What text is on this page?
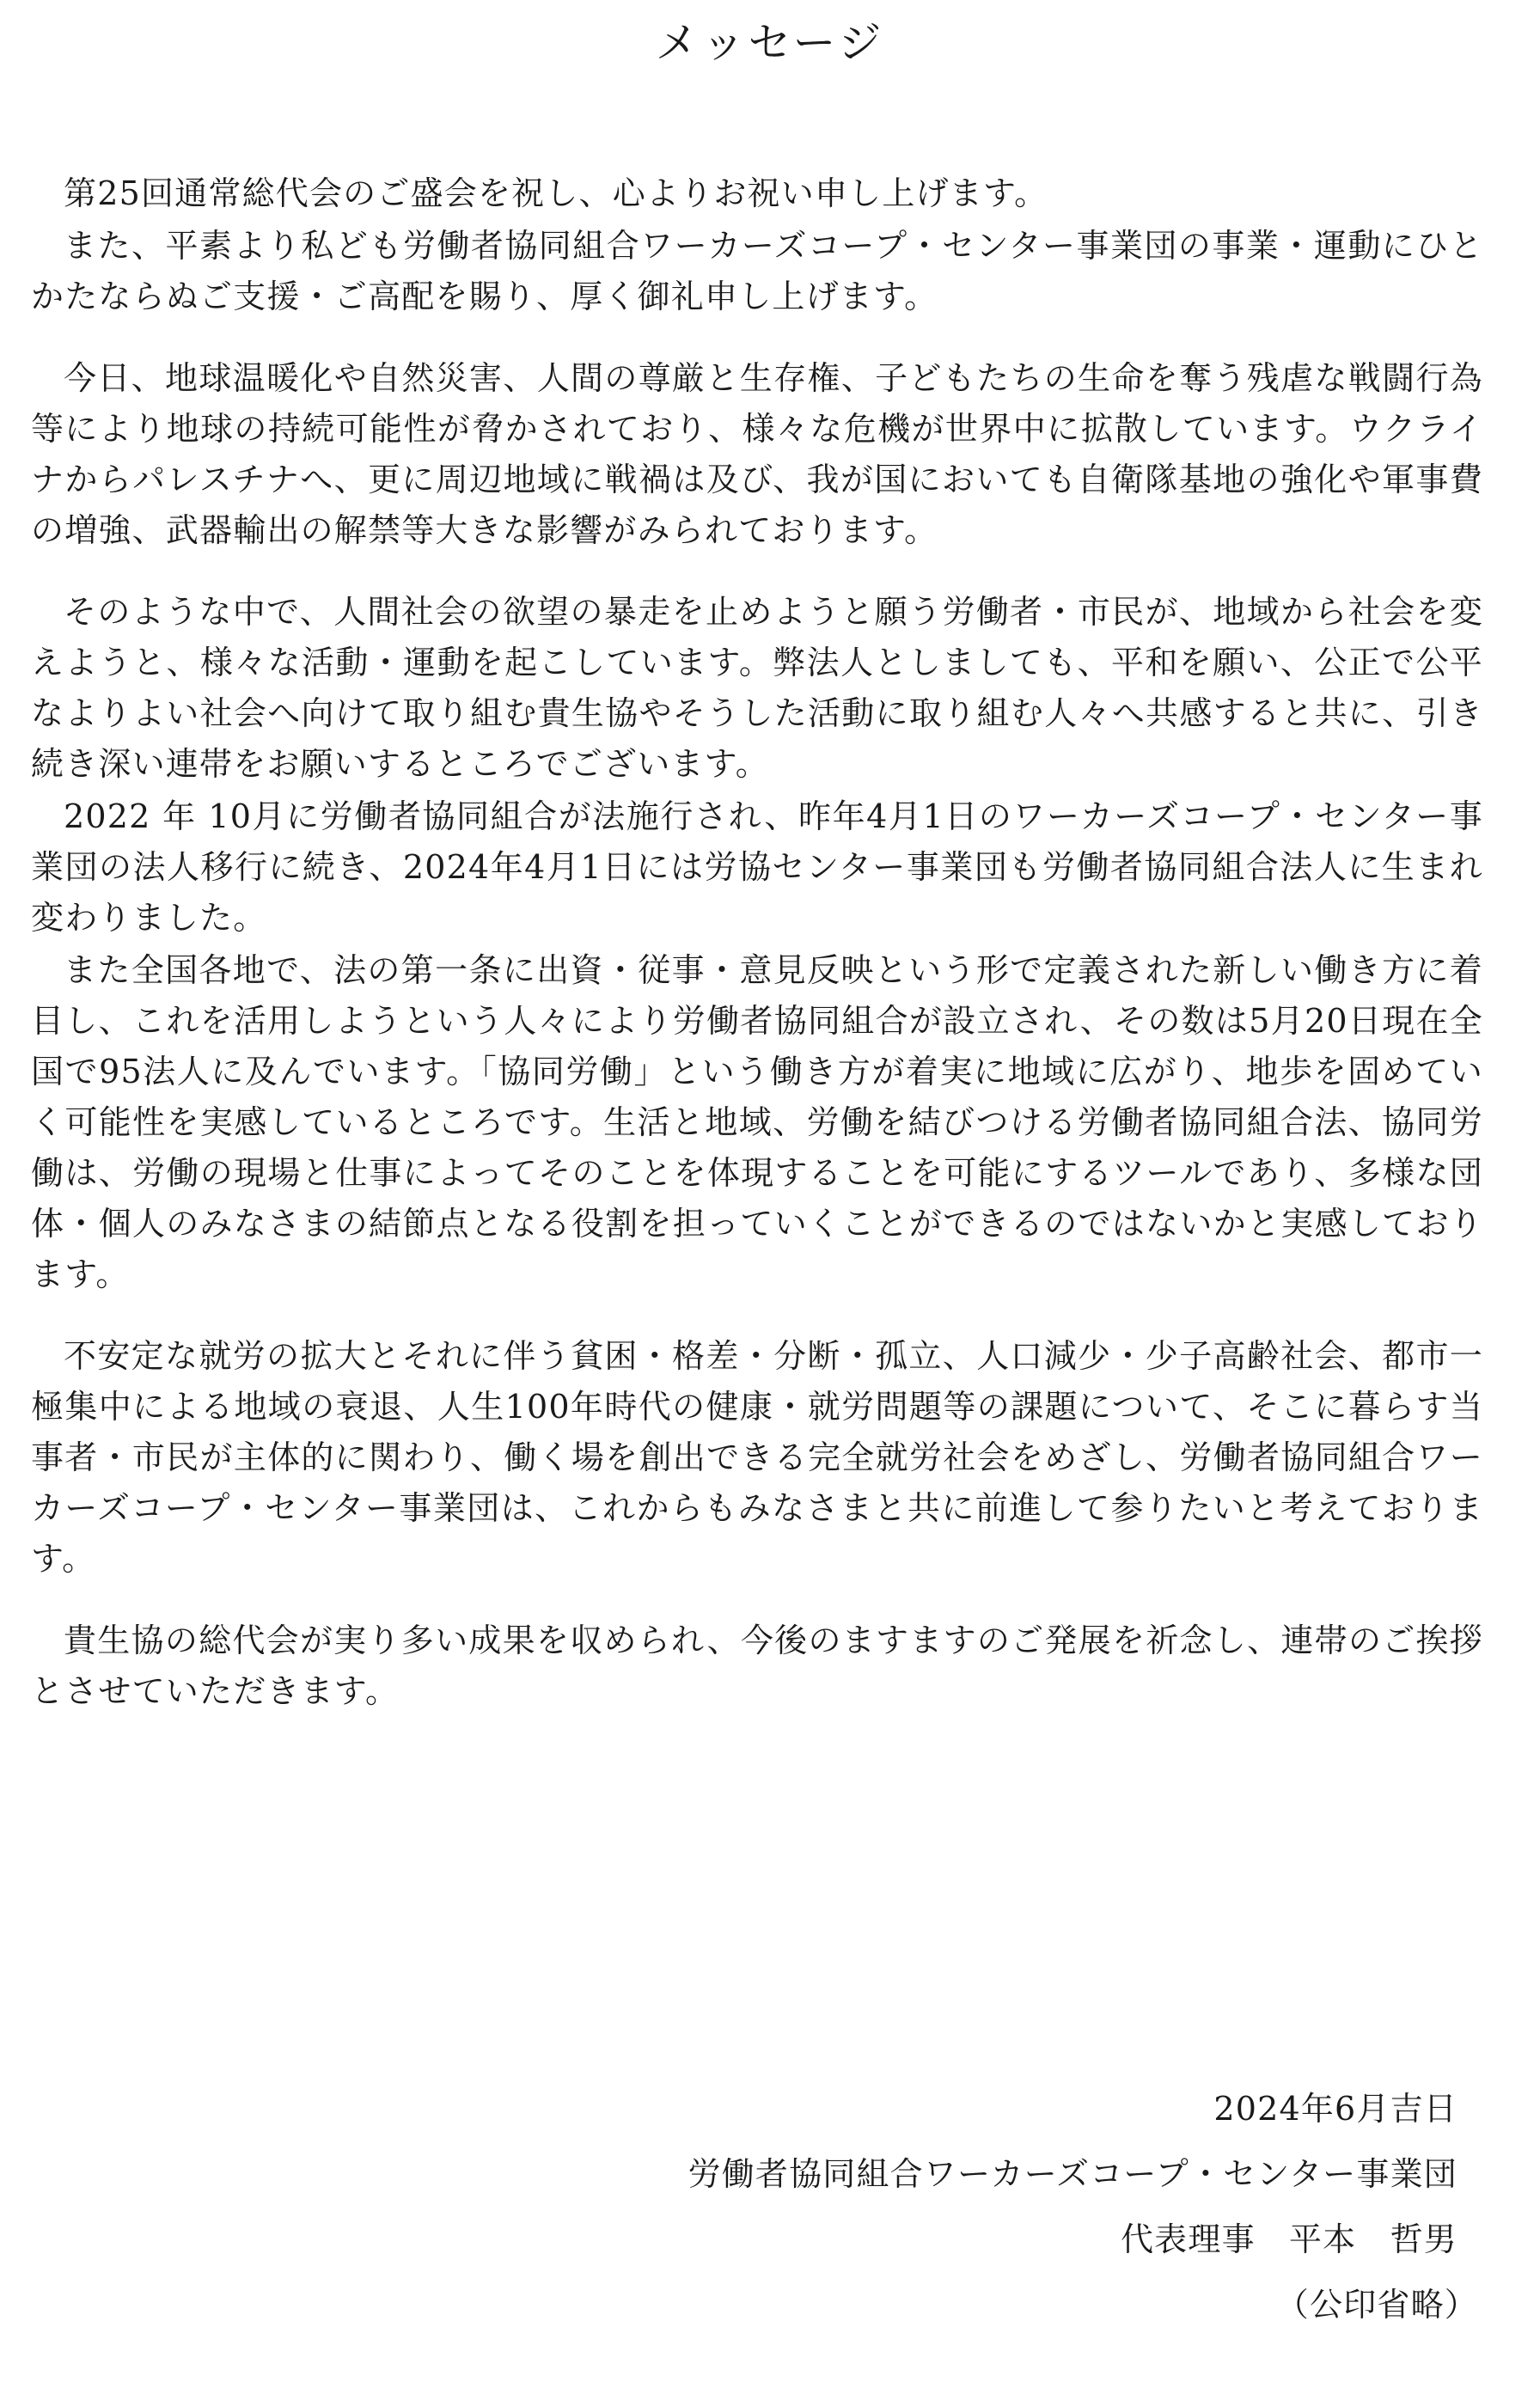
メッセージ

第25回通常総代会のご盛会を祝し、心よりお祝い申し上げます。

また、平素より私ども労働者協同組合ワーカーズコープ・センター事業団の事業・運動にひとかたならぬご支援・ご高配を賜り、厚く御礼申し上げます。

今日、地球温暖化や自然災害、人間の尊厳と生存権、子どもたちの生命を奪う残虐な戦闘行為等により地球の持続可能性が脅かされており、様々な危機が世界中に拡散しています。ウクライナからパレスチナへ、更に周辺地域に戦禍は及び、我が国においても自衛隊基地の強化や軍事費の増強、武器輸出の解禁等大きな影響がみられております。

そのような中で、人間社会の欲望の暴走を止めようと願う労働者・市民が、地域から社会を変えようと、様々な活動・運動を起こしています。弊法人としましても、平和を願い、公正で公平なよりよい社会へ向けて取り組む貴生協やそうした活動に取り組む人々へ共感すると共に、引き続き深い連帯をお願いするところでございます。

2022 年 10月に労働者協同組合が法施行され、昨年4月1日のワーカーズコープ・センター事業団の法人移行に続き、2024年4月1日には労協センター事業団も労働者協同組合法人に生まれ変わりました。

また全国各地で、法の第一条に出資・従事・意見反映という形で定義された新しい働き方に着目し、これを活用しようという人々により労働者協同組合が設立され、その数は5月20日現在全国で95法人に及んでいます。「協同労働」という働き方が着実に地域に広がり、地歩を固めていく可能性を実感しているところです。生活と地域、労働を結びつける労働者協同組合法、協同労働は、労働の現場と仕事によってそのことを体現することを可能にするツールであり、多様な団体・個人のみなさまの結節点となる役割を担っていくことができるのではないかと実感しております。

不安定な就労の拡大とそれに伴う貧困・格差・分断・孤立、人口減少・少子高齢社会、都市一極集中による地域の衰退、人生100年時代の健康・就労問題等の課題について、そこに暮らす当事者・市民が主体的に関わり、働く場を創出できる完全就労社会をめざし、労働者協同組合ワーカーズコープ・センター事業団は、これからもみなさまと共に前進して参りたいと考えております。

貴生協の総代会が実り多い成果を収められ、今後のますますのご発展を祈念し、連帯のご挨拶とさせていただきます。

2024年6月吉日
労働者協同組合ワーカーズコープ・センター事業団
代表理事　平本　哲男
（公印省略）
